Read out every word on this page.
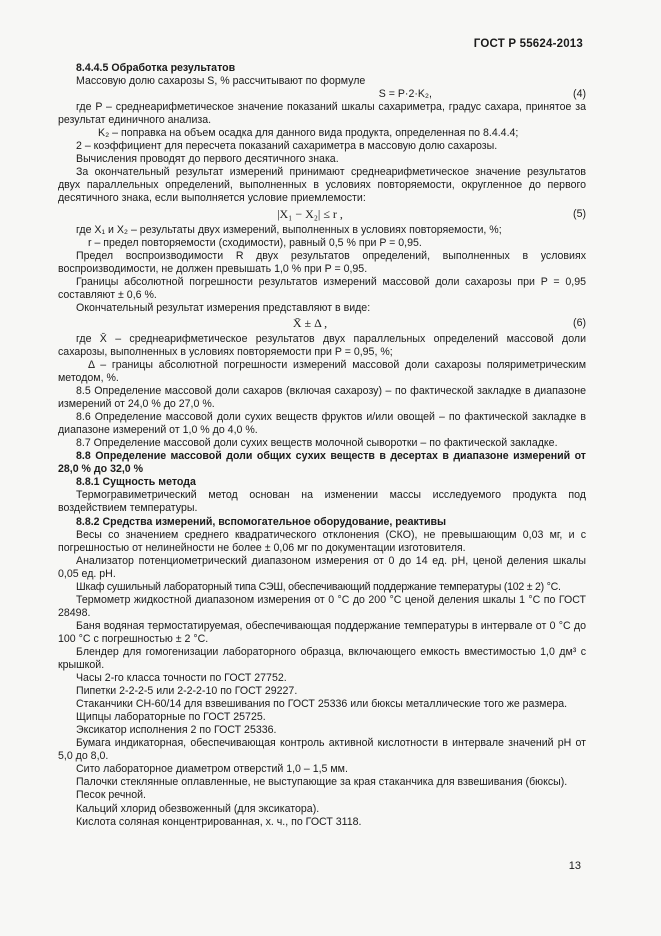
ГОСТ Р 55624-2013

8.4.4.5 Обработка результатов

Массовую долю сахарозы S, % рассчитывают по формуле

S = P·2·K₂,	(4)

где P – среднеарифметическое значение показаний шкалы сахариметра, градус сахара, принятое за результат единичного анализа.

K₂ – поправка на объем осадка для данного вида продукта, определенная по 8.4.4.4;

2 – коэффициент для пересчета показаний сахариметра в массовую долю сахарозы.

Вычисления проводят до первого десятичного знака.

За окончательный результат измерений принимают среднеарифметическое значение результатов двух параллельных определений, выполненных в условиях повторяемости, округленное до первого десятичного знака, если выполняется условие приемлемости:

|X₁ − X₂| ≤ r ,	(5)

где X₁ и X₂ – результаты двух измерений, выполненных в условиях повторяемости, %;

r – предел повторяемости (сходимости), равный 0,5 % при P = 0,95.

Предел воспроизводимости R двух результатов определений, выполненных в условиях воспроизводимости, не должен превышать 1,0 % при P = 0,95.

Границы абсолютной погрешности результатов измерений массовой доли сахарозы при P = 0,95 составляют ± 0,6 %.

Окончательный результат измерения представляют в виде:

X̄ ± Δ ,	(6)

где X̄ – среднеарифметическое результатов двух параллельных определений массовой доли сахарозы, выполненных в условиях повторяемости при P = 0,95, %;

Δ – границы абсолютной погрешности измерений массовой доли сахарозы поляриметрическим методом, %.

8.5 Определение массовой доли сахаров (включая сахарозу) – по фактической закладке в диапазоне измерений от 24,0 % до 27,0 %.

8.6 Определение массовой доли сухих веществ фруктов и/или овощей – по фактической закладке в диапазоне измерений от 1,0 % до 4,0 %.

8.7 Определение массовой доли сухих веществ молочной сыворотки – по фактической закладке.

8.8 Определение массовой доли общих сухих веществ в десертах в диапазоне измерений от 28,0 % до 32,0 %

8.8.1 Сущность метода

Термогравиметрический метод основан на изменении массы исследуемого продукта под воздействием температуры.

8.8.2 Средства измерений, вспомогательное оборудование, реактивы

Весы со значением среднего квадратического отклонения (СКО), не превышающим 0,03 мг, и с погрешностью от нелинейности не более ± 0,06 мг по документации изготовителя.

Анализатор потенциометрический диапазоном измерения от 0 до 14 ед. pH, ценой деления шкалы 0,05 ед. pH.

Шкаф сушильный лабораторный типа СЭШ, обеспечивающий поддержание температуры (102 ± 2) °С.

Термометр жидкостной диапазоном измерения от 0 °С до 200 °С ценой деления шкалы 1 °С по ГОСТ 28498.

Баня водяная термостатируемая, обеспечивающая поддержание температуры в интервале от 0 °С до 100 °С с погрешностью ± 2 °С.

Блендер для гомогенизации лабораторного образца, включающего емкость вместимостью 1,0 дм³ с крышкой.

Часы 2-го класса точности по ГОСТ 27752.

Пипетки 2-2-2-5 или 2-2-2-10 по ГОСТ 29227.

Стаканчики СН-60/14 для взвешивания по ГОСТ 25336 или бюксы металлические того же размера.

Щипцы лабораторные по ГОСТ 25725.

Эксикатор исполнения 2 по ГОСТ 25336.

Бумага индикаторная, обеспечивающая контроль активной кислотности в интервале значений pH от 5,0 до 8,0.

Сито лабораторное диаметром отверстий 1,0 – 1,5 мм.

Палочки стеклянные оплавленные, не выступающие за края стаканчика для взвешивания (бюксы).

Песок речной.

Кальций хлорид обезвоженный (для эксикатора).

Кислота соляная концентрированная, х. ч., по ГОСТ 3118.

13
